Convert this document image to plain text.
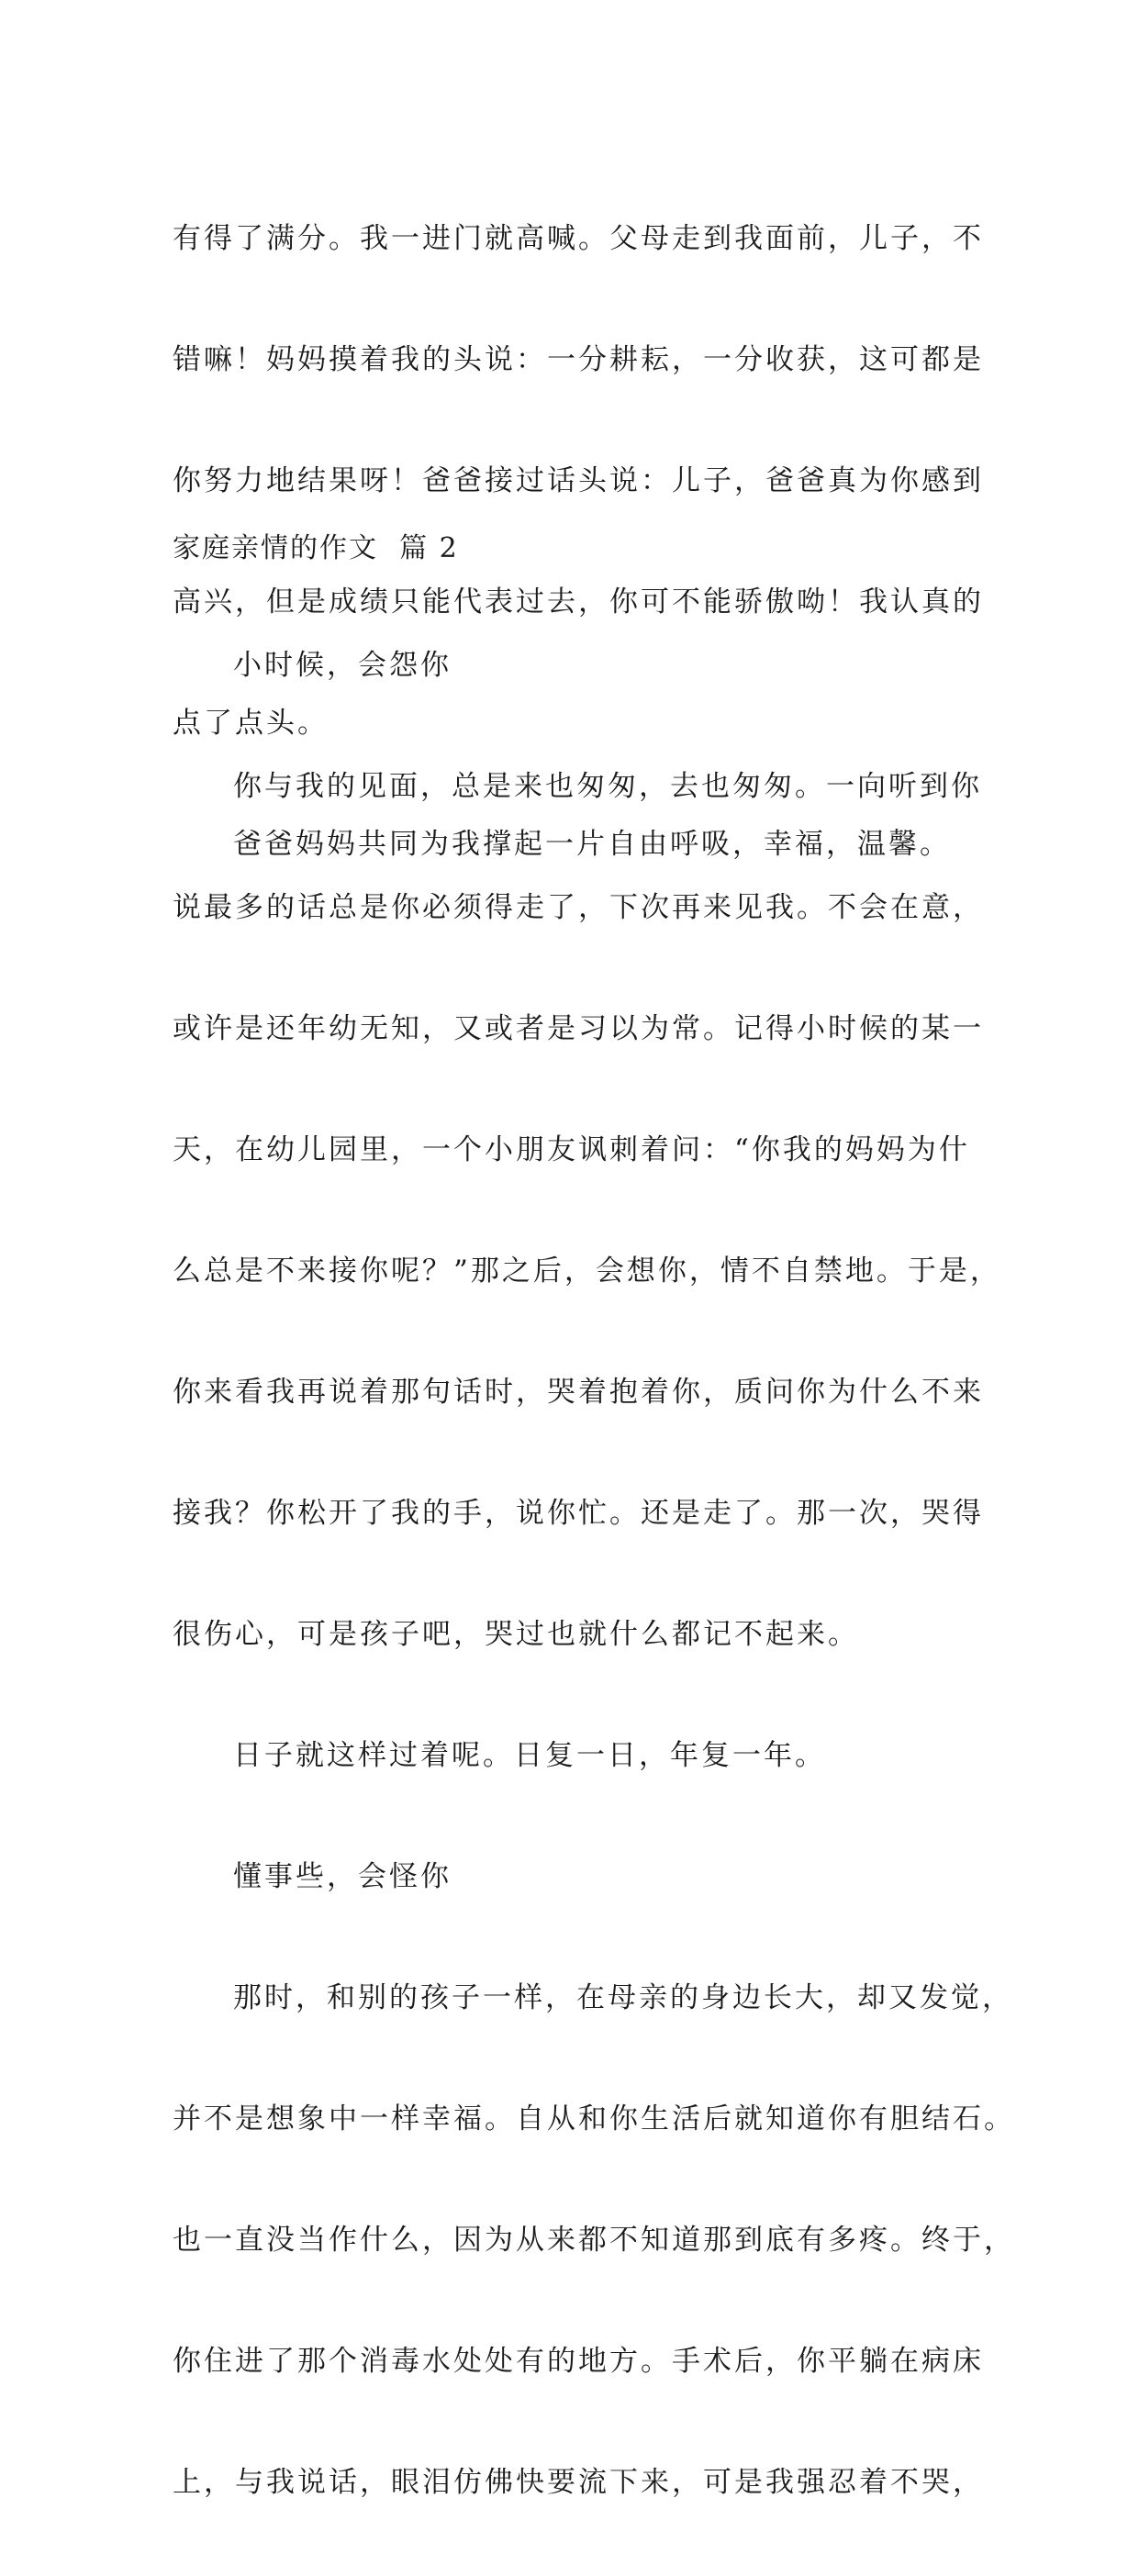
有得了满分。我一进门就高喊。父母走到我面前，儿子，不

错嘛！妈妈摸着我的头说：一分耕耘，一分收获，这可都是

你努力地结果呀！爸爸接过话头说：儿子，爸爸真为你感到

高兴，但是成绩只能代表过去，你可不能骄傲呦！我认真的

点了点头。

爸爸妈妈共同为我撑起一片自由呼吸，幸福，温馨。

家庭亲情的作文  篇 2

小时候，会怨你

你与我的见面，总是来也匆匆，去也匆匆。一向听到你

说最多的话总是你必须得走了，下次再来见我。不会在意，

或许是还年幼无知，又或者是习以为常。记得小时候的某一

天，在幼儿园里，一个小朋友讽刺着问：“你我的妈妈为什

么总是不来接你呢？”那之后，会想你，情不自禁地。于是，

你来看我再说着那句话时，哭着抱着你，质问你为什么不来

接我？你松开了我的手，说你忙。还是走了。那一次，哭得

很伤心，可是孩子吧，哭过也就什么都记不起来。

日子就这样过着呢。日复一日，年复一年。

懂事些，会怪你

那时，和别的孩子一样，在母亲的身边长大，却又发觉，

并不是想象中一样幸福。自从和你生活后就知道你有胆结石。

也一直没当作什么，因为从来都不知道那到底有多疼。终于，

你住进了那个消毒水处处有的地方。手术后，你平躺在病床

上，与我说话，眼泪仿佛快要流下来，可是我强忍着不哭，
